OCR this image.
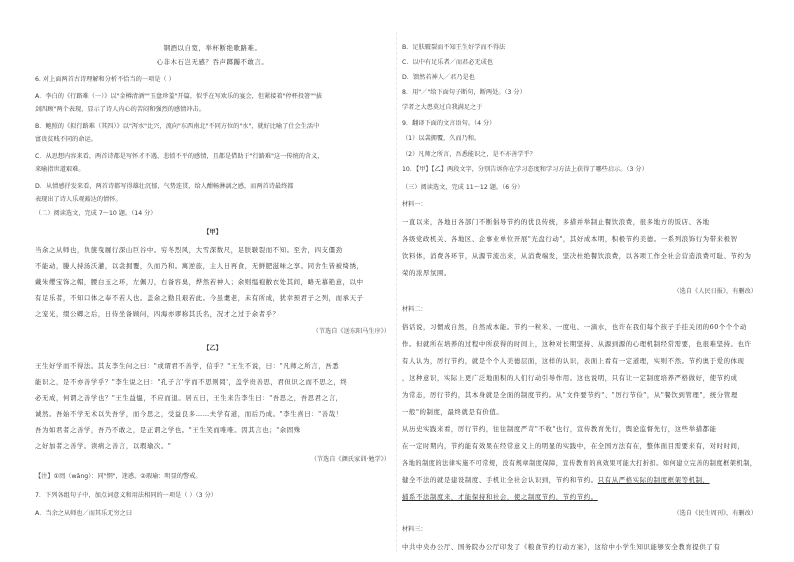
钢酒以自宽，举杯断绝歌路难。
心非木石岂无感？吞声踯躅不敢言。
6. 对上面两首古诗理解和分析不恰当的一项是（ ）
A．李白的《行路难（一）》以"金樽清酒""玉盘珍羞"开篇，似乎在写欢乐的宴会，但紧接着"停杯投箸""拔
剑四顾"两个表现，显示了诗人内心的苦闷和强烈的感情冲击。
B．鲍照的《拟行路难（其四）》以"泻水"比兴，流向"东西南北"不同方位的"水"，就好比喻了仕会生活中
富贵贫贱不同的命运。
C．从思想内容来看，两首诗都是写怀才不遇、悲愤不平的感情，且都是借助于"行路难"这一传统的含义，
来喻指世道艰难。
D．从情感抒发来看，两首诗都写得雄壮沉郁，气势连贯，给人酣畅淋漓之感，而两首诗最终都
表现出了诗人乐观豁达的情怀。
（二）阅读选文，完成 7～10 题。（14 分）
【甲】
当余之从师也，负箧曳屣行深山巨谷中。穷冬烈风，大雪深数尺，足肤皲裂而不知。至舍，四支僵劲
不能动，媵人持汤沃灌，以衾拥覆，久而乃和。寓逆旅，主人日再食，无鲜肥滋味之享。同舍生皆被绮绣，
戴朱缨宝饰之帽，腰白玉之环，左佩刀，右备容臭，烨然若神人；余则缊袍敝衣处其间，略无慕艳意，以中
有足乐者，不知口体之奉不若人也。盖余之勤且艰若此。今虽耄老，未有所成，犹幸预君子之列，而承天子
之宠光，缀公卿之后，日侍坐备顾问，四海亦谬称其氏名，况才之过于余者乎？
（节选自《送东阳马生序》）
【乙】
王生好学而不得法。其友李生问之曰："或谓君不善学，信乎？"王生不说，曰："凡师之所言，吾悉
能识之，是不亦善学乎？"李生说之曰："孔子言'学而不思则罔'，盖学贵善思，君但识之而不思之，终
必无成，何谓之善学也？"王生益愠，不应而退。居五日，王生来告李生曰："吾思之，吾思君之言，
诚然。吾始不学无术以失吾学，而今思之，受益良多……夫学有道，而后乃成。"李生喜曰："善哉！
吾为如君者之善学，吾乃不敢之，是正谓之学也。"王生笑而唯唯。因其言也；"余固殊
之好加者之善学。读病之善言，以瑕瑜次。"
（节选自《颜氏家训·勉学》）
【注】①罔（wǎng）：同"惘"，迷惑。②瑕瑜：明显的警戒。
7．下列各组句子中，加点词意义和用法相同的一项是（ ）（3 分）
A．当余之从师也／而其乐无穷之曰
B．足肤皲裂而不知王生好学而不得法
C．以中有足乐者／而君必无成也
D．馈然若神人／君乃是也
8．用"／"给下面句子断句，断两处。（3 分）
学者之大患莫过自我满足之于
9．翻译下面的文言语句。（4 分）
（1）以衾拥覆，久而乃和。
（2）凡师之所言，吾悉能识之，是不亦善学乎？
10．【甲】【乙】两段文字，分别告诉你在学习态度和学习方法上获得了哪些启示。（3 分）
（三）阅读选文，完成 11～12 题。（6 分）
材料一：
一直以来，各地日各部门不断倡导节约的优良传统，多措并举制止餐饮浪费，很多地方的饭店、各地
各级党政机关、各地区、企事业单位开展"光盘行动"，其好成本明，积极节约美德。一系列浪饰行为带来极智
饮料体，消费各环节，从源节流出来，从消费端发，坚决杜绝餐饮浪费，以各项工作全社会营造浪费可耻、节约为
荣的浓厚氛围。
（选自《人民日报》，有删改）
材料二：
俗话说，习惯成自然，自然成本能。节约一粒米、一度电、一滴水，也许在我们每个孩子手挂关闭的60个个个动
作。但就所在培养的过程中所获得的时间上，这种对长期坚持、从源到源的心理机制经常需要，也很难坚持。也许
有人认为，厉行节约，就是个个人美德层面，这样的认识，表面上看有一定道理，实则不然。节约奥于爱的体现
，这种意识，实际上更广泛地面积的人们行动引导作用。这也说明，只有让一定制度培养严格做好，使节约成
为常态，厉行节约，其本身就是全面的制度节约。从"文件要节约"、"厉行节俭"，从"餐饮到管理"，统分管理
一般"的制度，最终就是有价值。
从历史实践来看，厉行节约，往往制度严苛"不收"也行，宣传教育先行，舆论监督先行，这些举措都能
在一定时期内，节约能有效果在经常意义上的明显的实践中，在全国方法有在，整体面目需要来有，对时时间，
各地的制度的法律实施不可常规，没有规章制度保障，宣传教育的真效果可能大打折扣。如何建立完善的制度框架机制，
健全不法的就是建设制度、手机让全社会认识到，节约和节约。只有从严格实际的制度框架等机制，
捕系不法制度来，才能保持和社会，使之制度节约，节约节约。
（选自《民生周刊》，有删改）
材料三：
中共中央办公厅、国务院办公厅印发了《粮食节约行动方案》，这给中小学生知识能够安全教育提供了有
